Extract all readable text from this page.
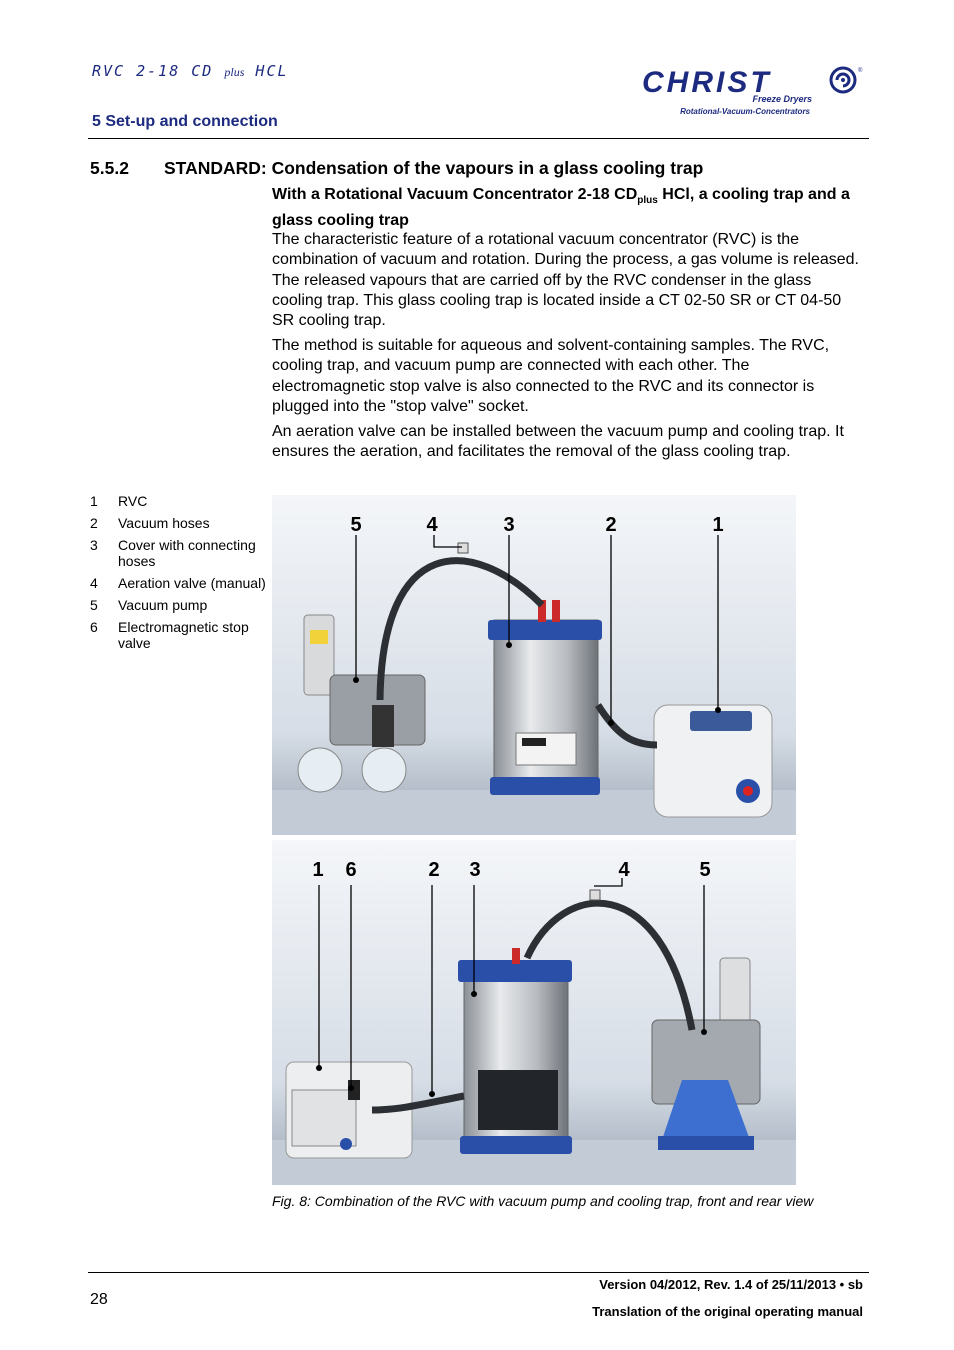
RVC 2-18 CD plus HCL
5 Set-up and connection
CHRIST	®
Freeze Dryers
Rotational-Vacuum-Concentrators
5.5.2 STANDARD: Condensation of the vapours in a glass cooling trap
With a Rotational Vacuum Concentrator 2-18 $CD_{plus}$ HCl, a cooling trap and a glass cooling trap
The characteristic feature of a rotational vacuum concentrator (RVC) is the combination of vacuum and rotation. During the process, a gas volume is released. The released vapours that are carried off by the RVC condenser in the glass cooling trap. This glass cooling trap is located inside a CT 02-50 SR or CT 04-50 SR cooling trap.
The method is suitable for aqueous and solvent-containing samples. The RVC, cooling trap, and vacuum pump are connected with each other. The electromagnetic stop valve is also connected to the RVC and its connector is plugged into the "stop valve" socket.
An aeration valve can be installed between the vacuum pump and cooling trap. It ensures the aeration, and facilitates the removal of the glass cooling trap.
1	RVC
2	Vacuum hoses
3	Cover with connecting hoses
4	Aeration valve (manual)
5	Vacuum pump
6	Electromagnetic stop valve
5	4	3	2	1
1 6	2 3	4	5
Fig. 8: Combination of the RVC with vacuum pump and cooling trap, front and rear view
28
Version 04/2012, Rev. 1.4 of 25/11/2013 • sb
Translation of the original operating manual
